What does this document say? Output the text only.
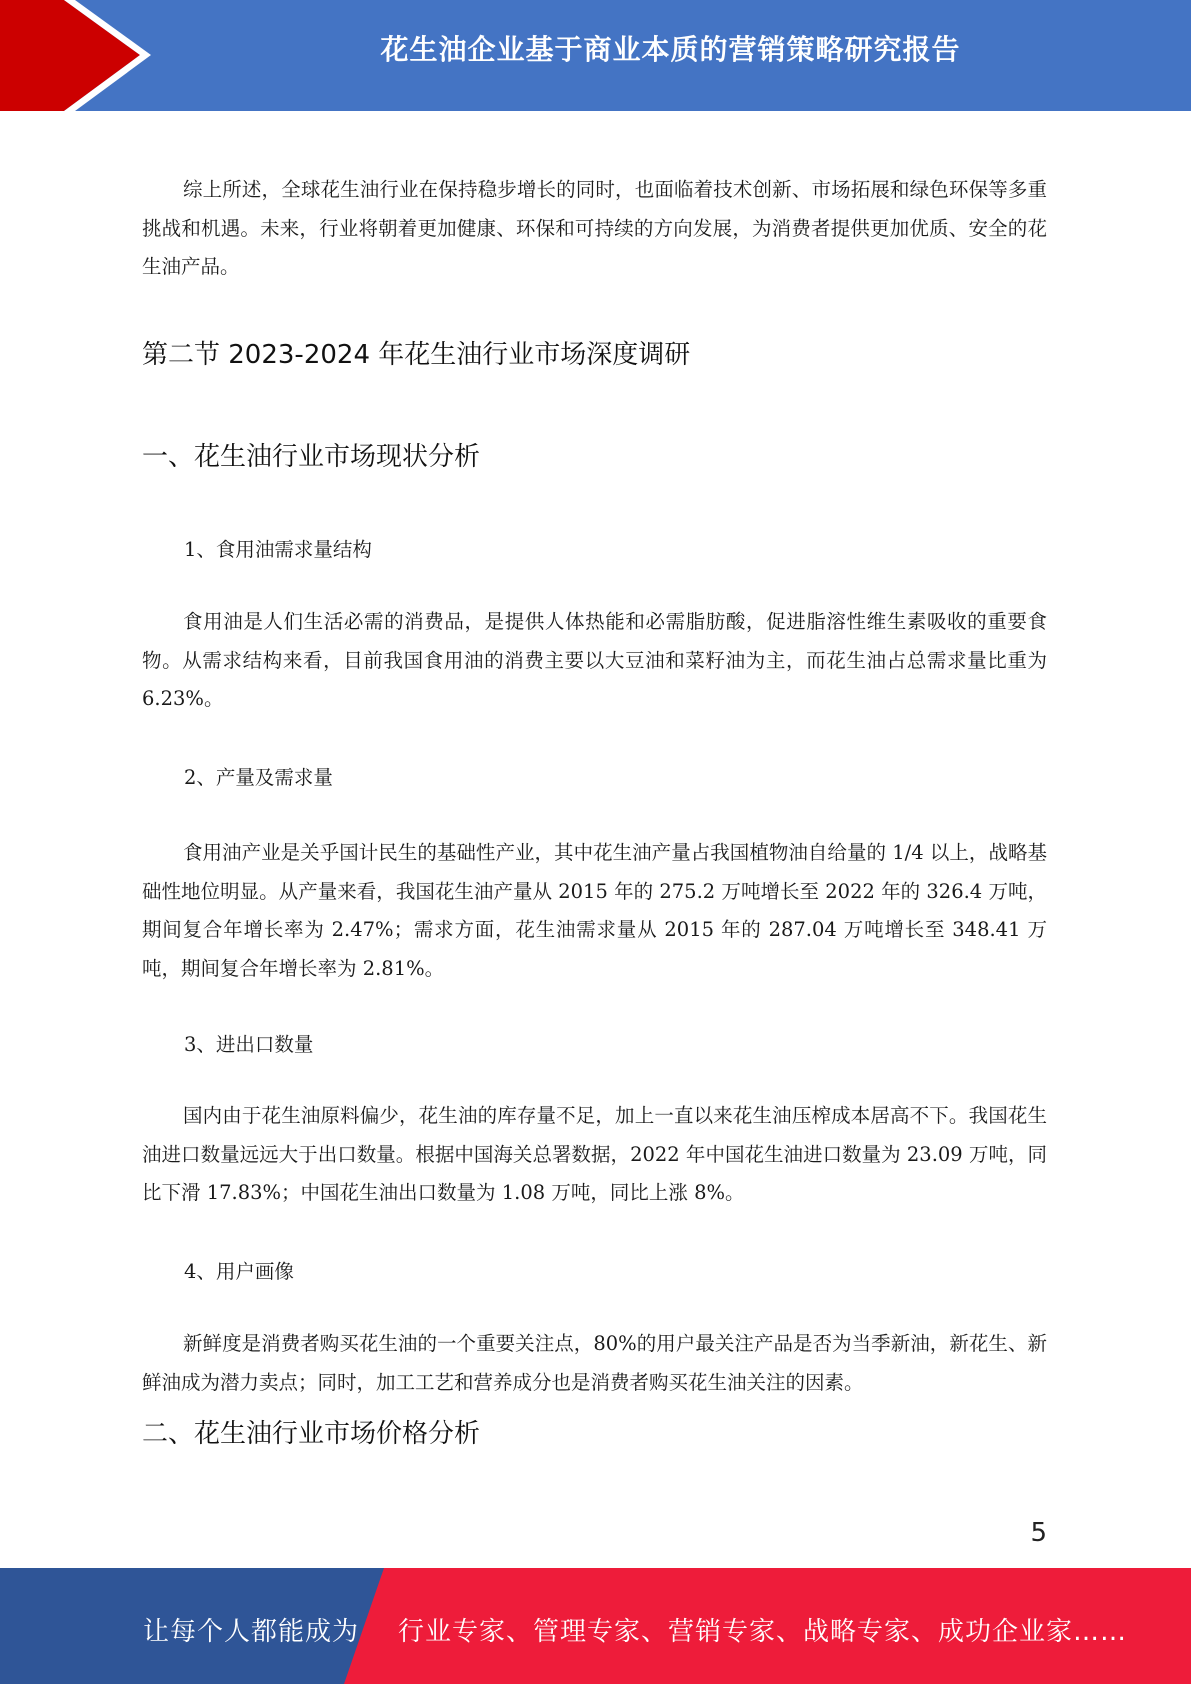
花生油企业基于商业本质的营销策略研究报告

综上所述，全球花生油行业在保持稳步增长的同时，也面临着技术创新、市场拓展和绿色环保等多重挑战和机遇。未来，行业将朝着更加健康、环保和可持续的方向发展，为消费者提供更加优质、安全的花生油产品。

第二节 2023-2024 年花生油行业市场深度调研
一、花生油行业市场现状分析
1、食用油需求量结构

食用油是人们生活必需的消费品，是提供人体热能和必需脂肪酸，促进脂溶性维生素吸收的重要食物。从需求结构来看，目前我国食用油的消费主要以大豆油和菜籽油为主，而花生油占总需求量比重为 6.23%。

2、产量及需求量

食用油产业是关乎国计民生的基础性产业，其中花生油产量占我国植物油自给量的 1/4 以上，战略基础性地位明显。从产量来看，我国花生油产量从 2015 年的 275.2 万吨增长至 2022 年的 326.4 万吨，期间复合年增长率为 2.47%；需求方面，花生油需求量从 2015 年的 287.04 万吨增长至 348.41 万吨，期间复合年增长率为 2.81%。

3、进出口数量

国内由于花生油原料偏少，花生油的库存量不足，加上一直以来花生油压榨成本居高不下。我国花生油进口数量远远大于出口数量。根据中国海关总署数据，2022 年中国花生油进口数量为 23.09 万吨，同比下滑 17.83%；中国花生油出口数量为 1.08 万吨，同比上涨 8%。

4、用户画像

新鲜度是消费者购买花生油的一个重要关注点，80%的用户最关注产品是否为当季新油，新花生、新鲜油成为潜力卖点；同时，加工工艺和营养成分也是消费者购买花生油关注的因素。

二、花生油行业市场价格分析
5
让每个人都能成为 行业专家、管理专家、营销专家、战略专家、成功企业家……
